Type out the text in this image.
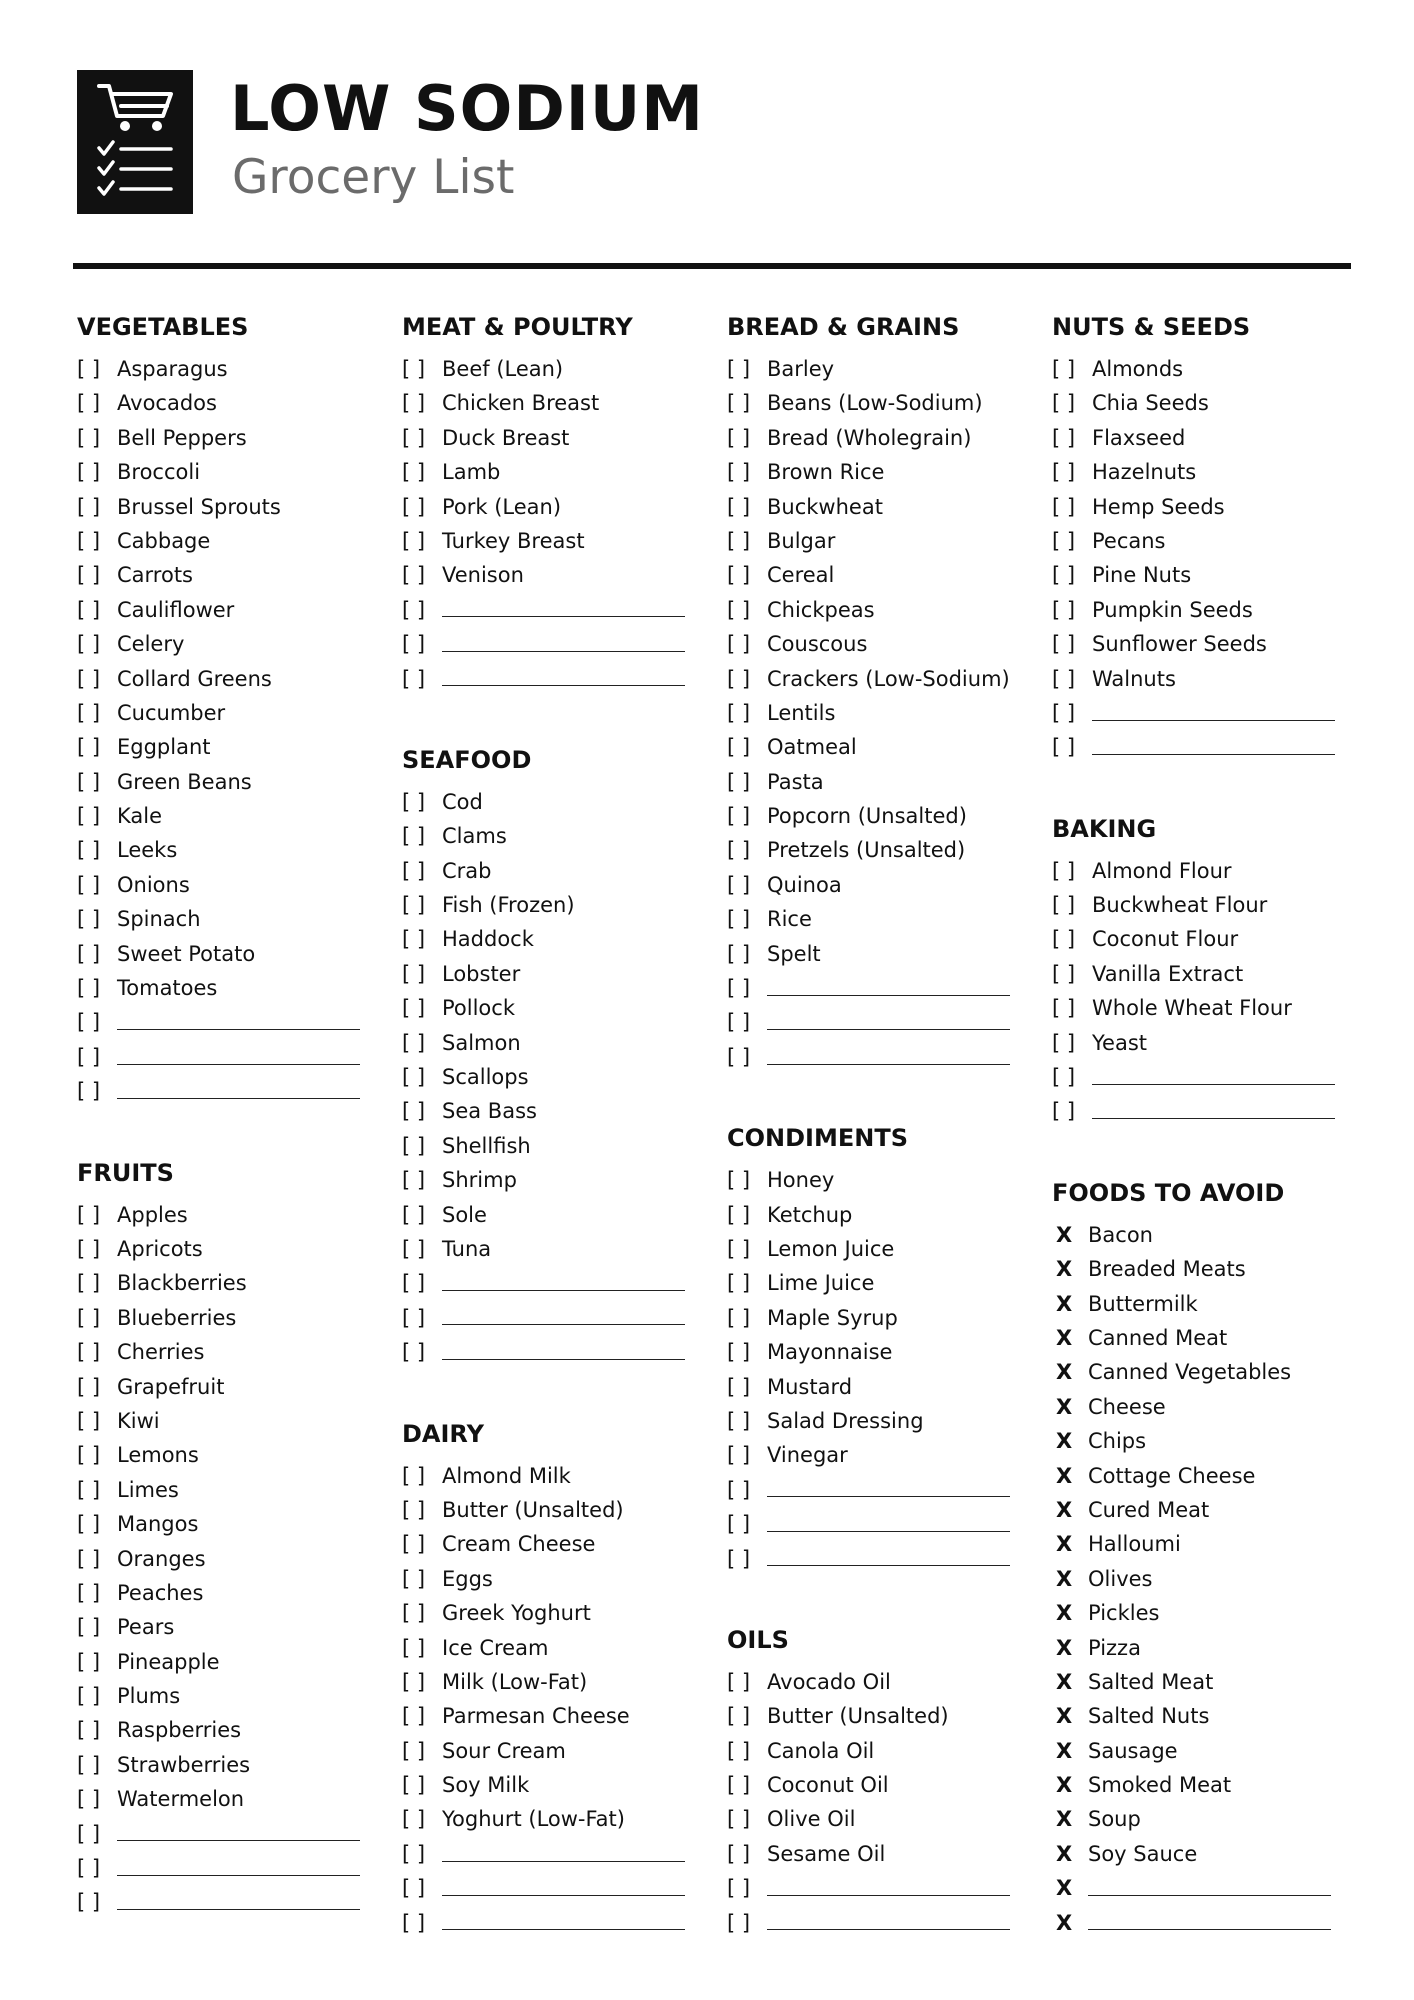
LOW SODIUM
Grocery List
VEGETABLES
[ ] Asparagus
[ ] Avocados
[ ] Bell Peppers
[ ] Broccoli
[ ] Brussel Sprouts
[ ] Cabbage
[ ] Carrots
[ ] Cauliflower
[ ] Celery
[ ] Collard Greens
[ ] Cucumber
[ ] Eggplant
[ ] Green Beans
[ ] Kale
[ ] Leeks
[ ] Onions
[ ] Spinach
[ ] Sweet Potato
[ ] Tomatoes
[ ]
[ ]
[ ]
FRUITS
[ ] Apples
[ ] Apricots
[ ] Blackberries
[ ] Blueberries
[ ] Cherries
[ ] Grapefruit
[ ] Kiwi
[ ] Lemons
[ ] Limes
[ ] Mangos
[ ] Oranges
[ ] Peaches
[ ] Pears
[ ] Pineapple
[ ] Plums
[ ] Raspberries
[ ] Strawberries
[ ] Watermelon
[ ]
[ ]
[ ]
MEAT & POULTRY
[ ] Beef (Lean)
[ ] Chicken Breast
[ ] Duck Breast
[ ] Lamb
[ ] Pork (Lean)
[ ] Turkey Breast
[ ] Venison
[ ]
[ ]
[ ]
SEAFOOD
[ ] Cod
[ ] Clams
[ ] Crab
[ ] Fish (Frozen)
[ ] Haddock
[ ] Lobster
[ ] Pollock
[ ] Salmon
[ ] Scallops
[ ] Sea Bass
[ ] Shellfish
[ ] Shrimp
[ ] Sole
[ ] Tuna
[ ]
[ ]
[ ]
DAIRY
[ ] Almond Milk
[ ] Butter (Unsalted)
[ ] Cream Cheese
[ ] Eggs
[ ] Greek Yoghurt
[ ] Ice Cream
[ ] Milk (Low-Fat)
[ ] Parmesan Cheese
[ ] Sour Cream
[ ] Soy Milk
[ ] Yoghurt (Low-Fat)
[ ]
[ ]
[ ]
BREAD & GRAINS
[ ] Barley
[ ] Beans (Low-Sodium)
[ ] Bread (Wholegrain)
[ ] Brown Rice
[ ] Buckwheat
[ ] Bulgar
[ ] Cereal
[ ] Chickpeas
[ ] Couscous
[ ] Crackers (Low-Sodium)
[ ] Lentils
[ ] Oatmeal
[ ] Pasta
[ ] Popcorn (Unsalted)
[ ] Pretzels (Unsalted)
[ ] Quinoa
[ ] Rice
[ ] Spelt
[ ]
[ ]
[ ]
CONDIMENTS
[ ] Honey
[ ] Ketchup
[ ] Lemon Juice
[ ] Lime Juice
[ ] Maple Syrup
[ ] Mayonnaise
[ ] Mustard
[ ] Salad Dressing
[ ] Vinegar
[ ]
[ ]
[ ]
OILS
[ ] Avocado Oil
[ ] Butter (Unsalted)
[ ] Canola Oil
[ ] Coconut Oil
[ ] Olive Oil
[ ] Sesame Oil
[ ]
[ ]
NUTS & SEEDS
[ ] Almonds
[ ] Chia Seeds
[ ] Flaxseed
[ ] Hazelnuts
[ ] Hemp Seeds
[ ] Pecans
[ ] Pine Nuts
[ ] Pumpkin Seeds
[ ] Sunflower Seeds
[ ] Walnuts
[ ]
[ ]
BAKING
[ ] Almond Flour
[ ] Buckwheat Flour
[ ] Coconut Flour
[ ] Vanilla Extract
[ ] Whole Wheat Flour
[ ] Yeast
[ ]
[ ]
FOODS TO AVOID
X Bacon
X Breaded Meats
X Buttermilk
X Canned Meat
X Canned Vegetables
X Cheese
X Chips
X Cottage Cheese
X Cured Meat
X Halloumi
X Olives
X Pickles
X Pizza
X Salted Meat
X Salted Nuts
X Sausage
X Smoked Meat
X Soup
X Soy Sauce
X
X
